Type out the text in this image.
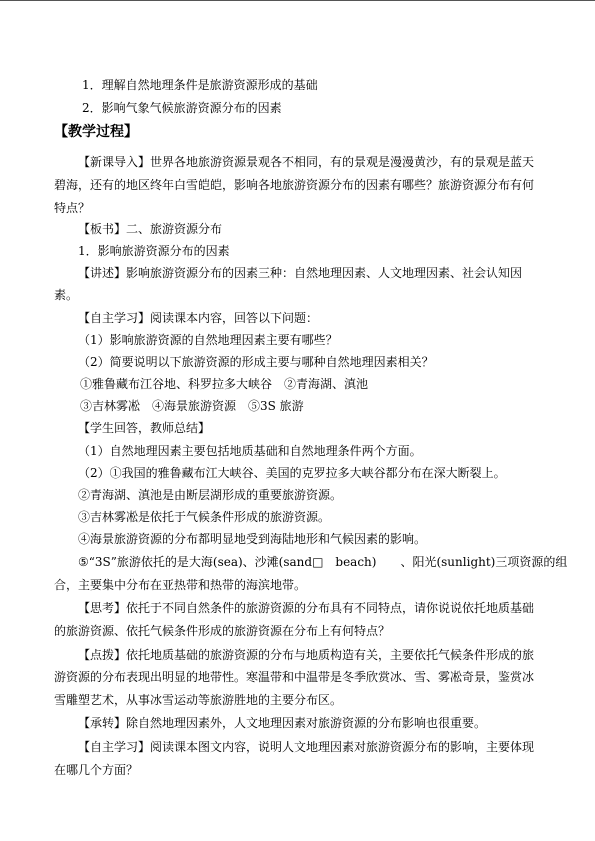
1．理解自然地理条件是旅游资源形成的基础

2．影响气象气候旅游资源分布的因素

【教学过程】

【新课导入】世界各地旅游资源景观各不相同，有的景观是漫漫黄沙，有的景观是蓝天

碧海，还有的地区终年白雪皑皑，影响各地旅游资源分布的因素有哪些？旅游资源分布有何

特点？

【板书】二、旅游资源分布

1．影响旅游资源分布的因素

【讲述】影响旅游资源分布的因素三种：自然地理因素、人文地理因素、社会认知因

素。

【自主学习】阅读课本内容，回答以下问题：

（1）影响旅游资源的自然地理因素主要有哪些？

（2）简要说明以下旅游资源的形成主要与哪种自然地理因素相关？

①雅鲁藏布江谷地、科罗拉多大峡谷　②青海湖、滇池

③吉林雾凇　④海景旅游资源　⑤3S 旅游

【学生回答，教师总结】

（1）自然地理因素主要包括地质基础和自然地理条件两个方面。

（2）①我国的雅鲁藏布江大峡谷、美国的克罗拉多大峡谷都分布在深大断裂上。

②青海湖、滇池是由断层湖形成的重要旅游资源。

③吉林雾凇是依托于气候条件形成的旅游资源。

④海景旅游资源的分布都明显地受到海陆地形和气候因素的影响。

⑤“3S”旅游依托的是大海(sea)、沙滩(sand□　beach)　　、阳光(sunlight)三项资源的组

合，主要集中分布在亚热带和热带的海滨地带。

【思考】依托于不同自然条件的旅游资源的分布具有不同特点，请你说说依托地质基础

的旅游资源、依托气候条件形成的旅游资源在分布上有何特点？

【点拨】依托地质基础的旅游资源的分布与地质构造有关，主要依托气候条件形成的旅

游资源的分布表现出明显的地带性。寒温带和中温带是冬季欣赏冰、雪、雾凇奇景，鉴赏冰

雪雕塑艺术，从事冰雪运动等旅游胜地的主要分布区。

【承转】除自然地理因素外，人文地理因素对旅游资源的分布影响也很重要。

【自主学习】阅读课本图文内容，说明人文地理因素对旅游资源分布的影响，主要体现

在哪几个方面？
